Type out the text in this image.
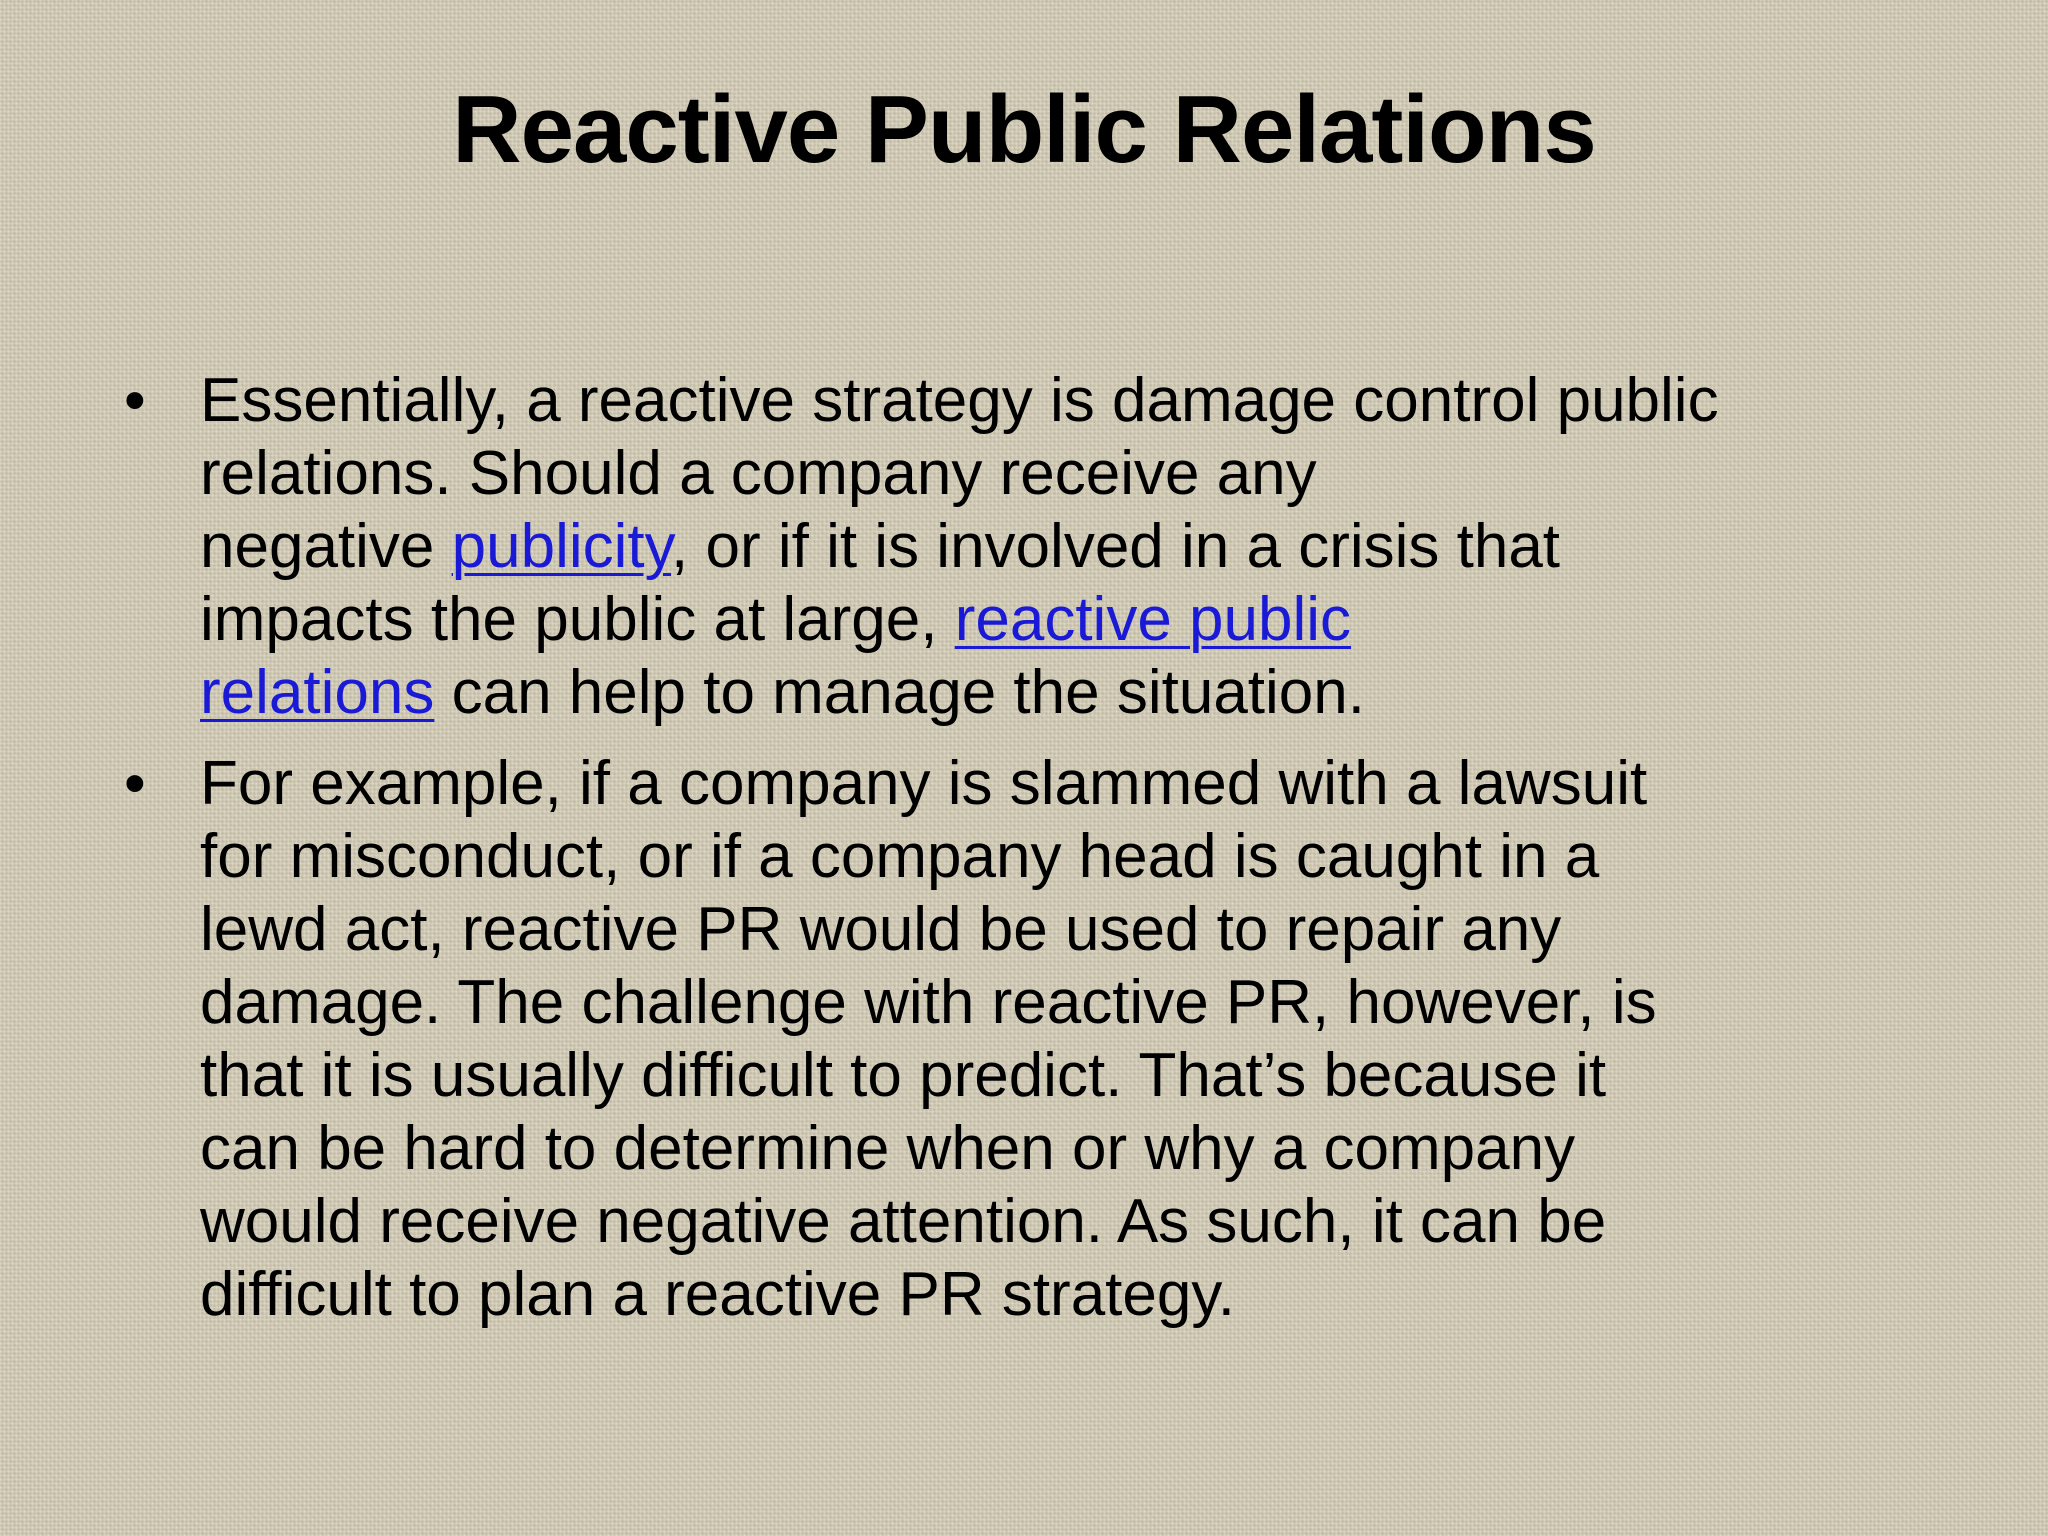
Reactive Public Relations
• Essentially, a reactive strategy is damage control public
relations. Should a company receive any
negative publicity, or if it is involved in a crisis that
impacts the public at large, reactive public
relations can help to manage the situation.
• For example, if a company is slammed with a lawsuit
for misconduct, or if a company head is caught in a
lewd act, reactive PR would be used to repair any
damage. The challenge with reactive PR, however, is
that it is usually difficult to predict. That’s because it
can be hard to determine when or why a company
would receive negative attention. As such, it can be
difficult to plan a reactive PR strategy.
